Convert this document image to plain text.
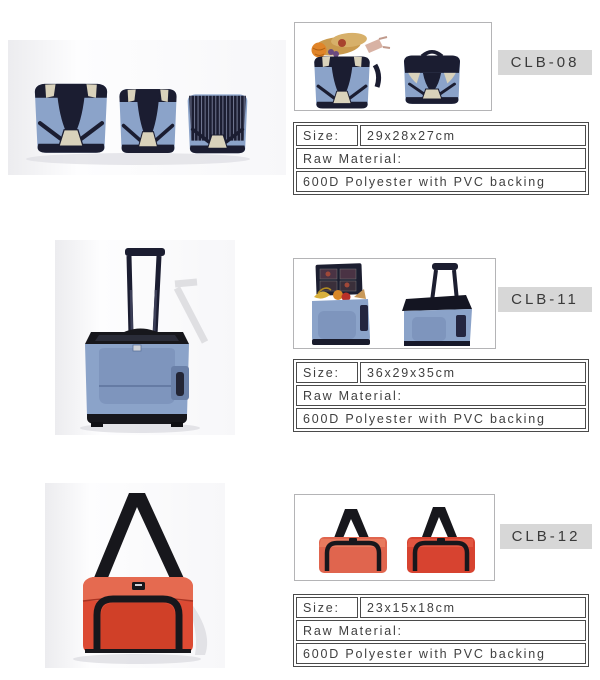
CLB-08
Size:	29x28x27cm
Raw Material:
600D Polyester with PVC backing
CLB-11
Size:	36x29x35cm
Raw Material:
600D Polyester with PVC backing
CLB-12
Size:	23x15x18cm
Raw Material:
600D Polyester with PVC backing
